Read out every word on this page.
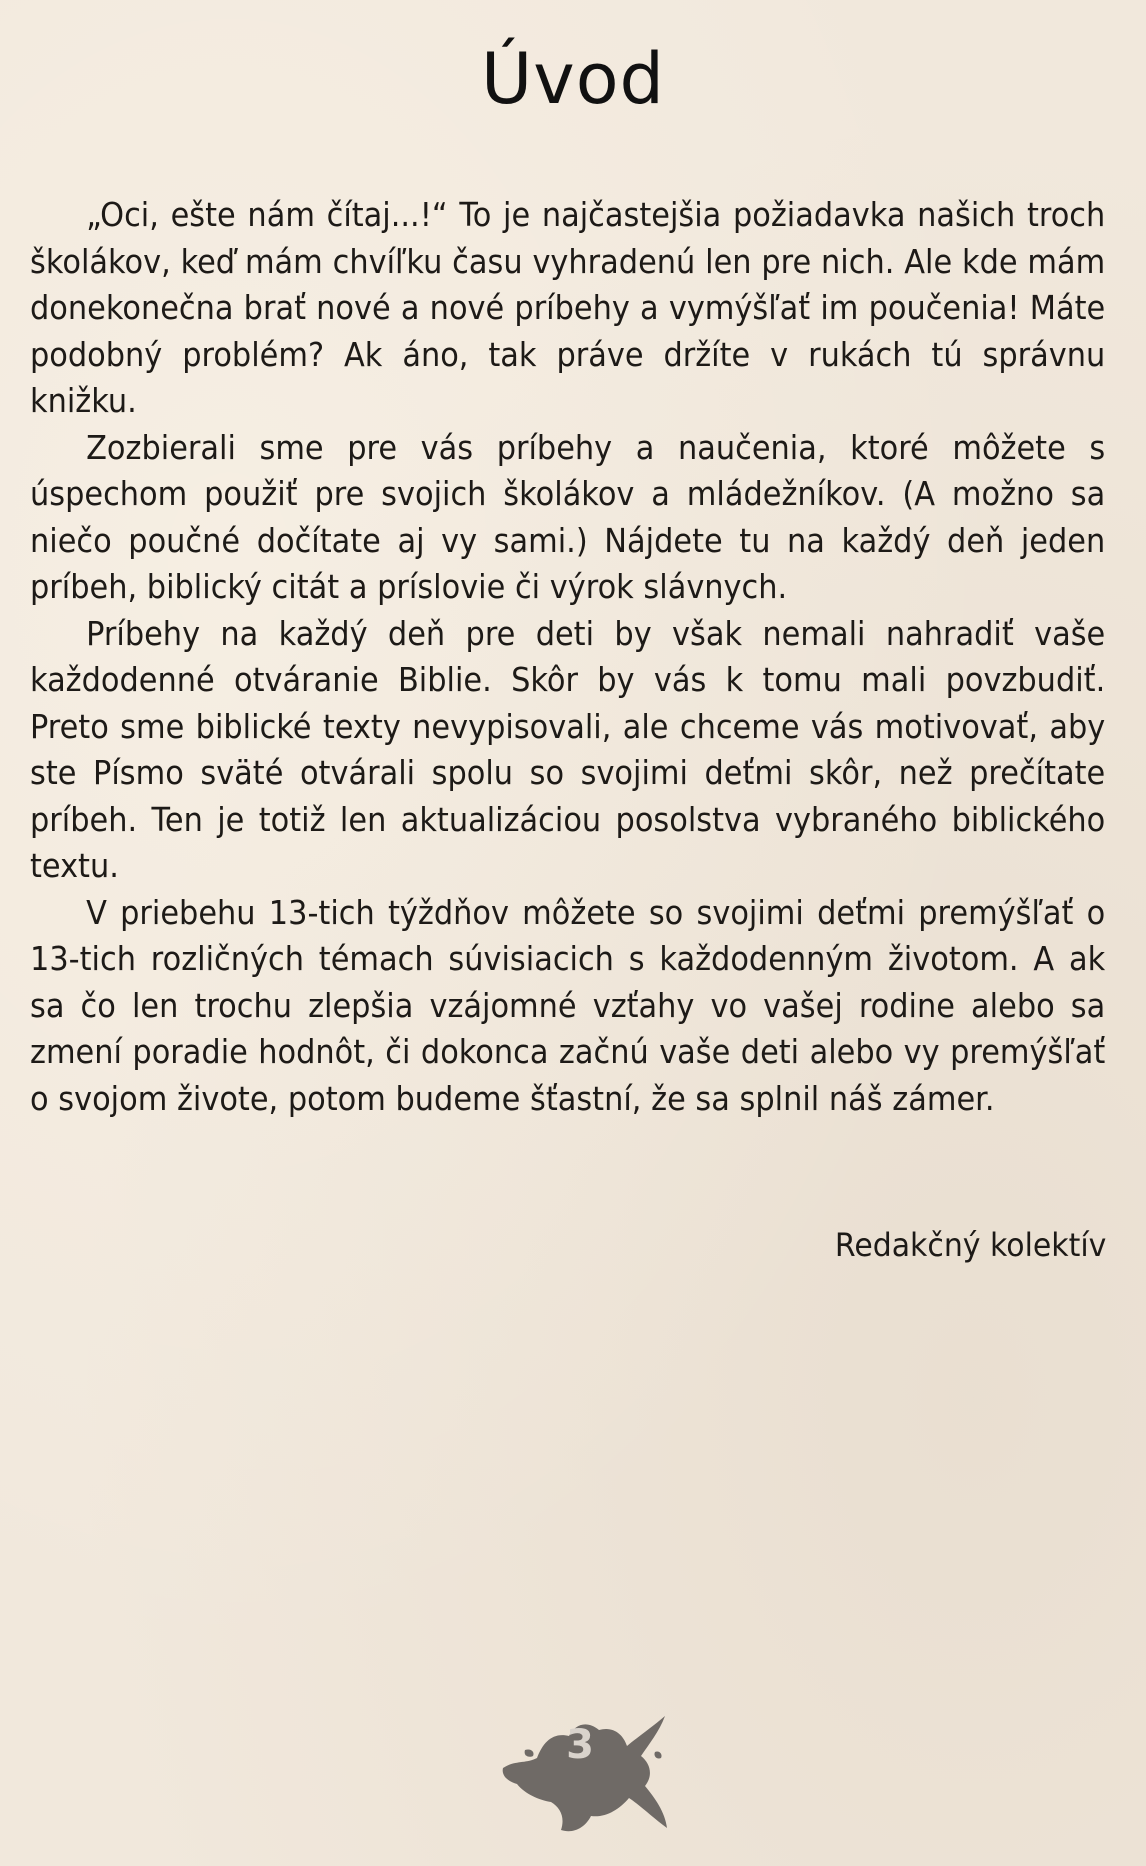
Úvod

„Oci, ešte nám čítaj...!“ To je najčastejšia požiadavka našich troch školákov, keď mám chvíľku času vyhradenú len pre nich. Ale kde mám donekonečna brať nové a nové príbehy a vymýšľať im poučenia! Máte podobný problém? Ak áno, tak práve držíte v rukách tú správnu knižku.

Zozbierali sme pre vás príbehy a naučenia, ktoré môžete s úspechom použiť pre svojich školákov a mládežníkov. (A možno sa niečo poučné dočítate aj vy sami.) Nájdete tu na každý deň jeden príbeh, biblický citát a príslovie či výrok slávnych.

Príbehy na každý deň pre deti by však nemali nahradiť vaše každodenné otváranie Biblie. Skôr by vás k tomu mali povzbudiť. Preto sme biblické texty nevypisovali, ale chceme vás motivovať, aby ste Písmo sväté otvárali spolu so svojimi deťmi skôr, než prečítate príbeh. Ten je totiž len aktualizáciou posolstva vybraného biblického textu.

V priebehu 13-tich týždňov môžete so svojimi deťmi premýšľať o 13-tich rozličných témach súvisiacich s každodenným životom. A ak sa čo len trochu zlepšia vzájomné vzťahy vo vašej rodine alebo sa zmení poradie hodnôt, či dokonca začnú vaše deti alebo vy premýšľať o svojom živote, potom budeme šťastní, že sa splnil náš zámer.

Redakčný kolektív
3
